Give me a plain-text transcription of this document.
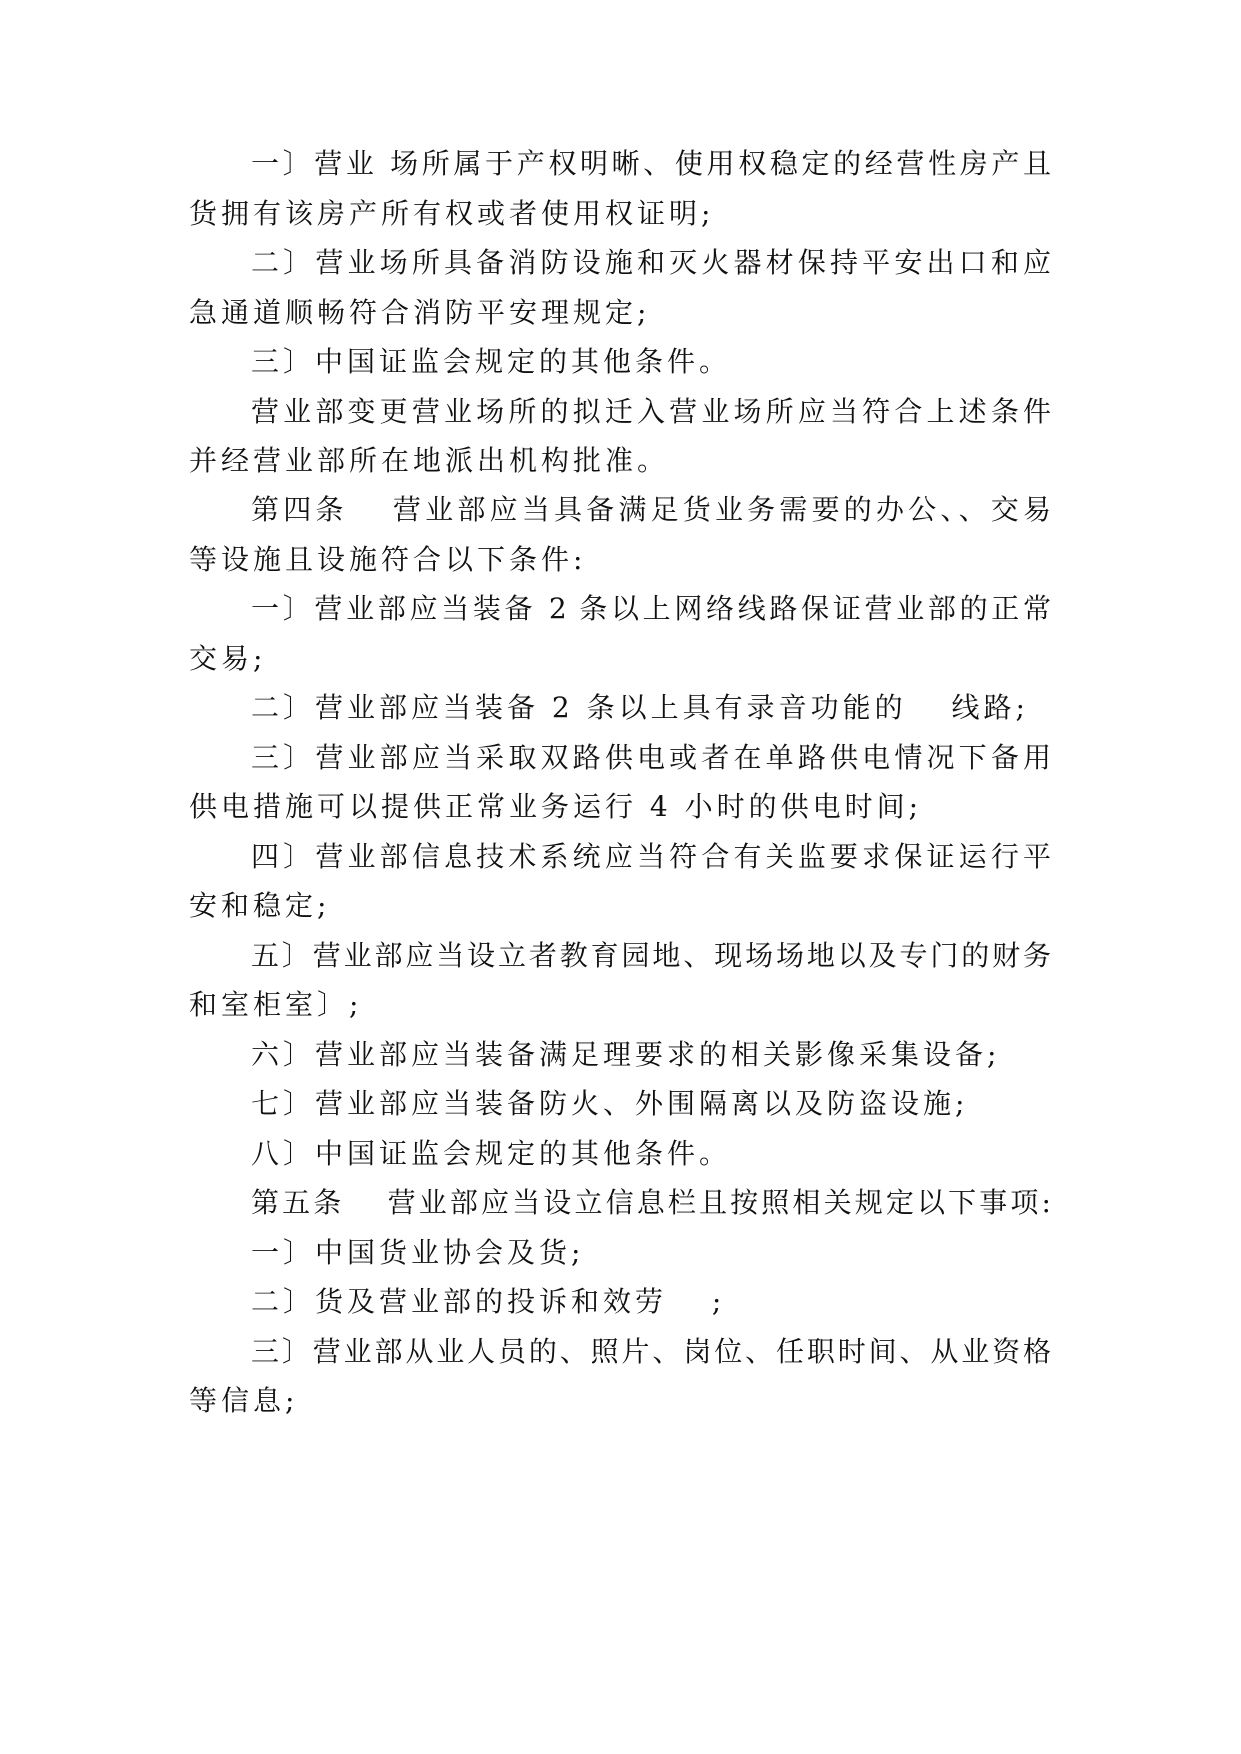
一〕营业 场所属于产权明晰、使用权稳定的经营性房产且
货拥有该房产所有权或者使用权证明;
二〕营业场所具备消防设施和灭火器材保持平安出口和应
急通道顺畅符合消防平安理规定;
三〕中国证监会规定的其他条件。
营业部变更营业场所的拟迁入营业场所应当符合上述条件
并经营业部所在地派出机构批准。
第四条　 营业部应当具备满足货业务需要的办公、、交易
等设施且设施符合以下条件:
一〕营业部应当装备 2 条以上网络线路保证营业部的正常
交易;
二〕营业部应当装备 2 条以上具有录音功能的　 线路;
三〕营业部应当采取双路供电或者在单路供电情况下备用
供电措施可以提供正常业务运行 4 小时的供电时间;
四〕营业部信息技术系统应当符合有关监要求保证运行平
安和稳定;
五〕营业部应当设立者教育园地、现场场地以及专门的财务
和室柜室〕;
六〕营业部应当装备满足理要求的相关影像采集设备;
七〕营业部应当装备防火、外围隔离以及防盗设施;
八〕中国证监会规定的其他条件。
第五条　 营业部应当设立信息栏且按照相关规定以下事项:
一〕中国货业协会及货;
二〕货及营业部的投诉和效劳　 ;
三〕营业部从业人员的、照片、岗位、任职时间、从业资格
等信息;
